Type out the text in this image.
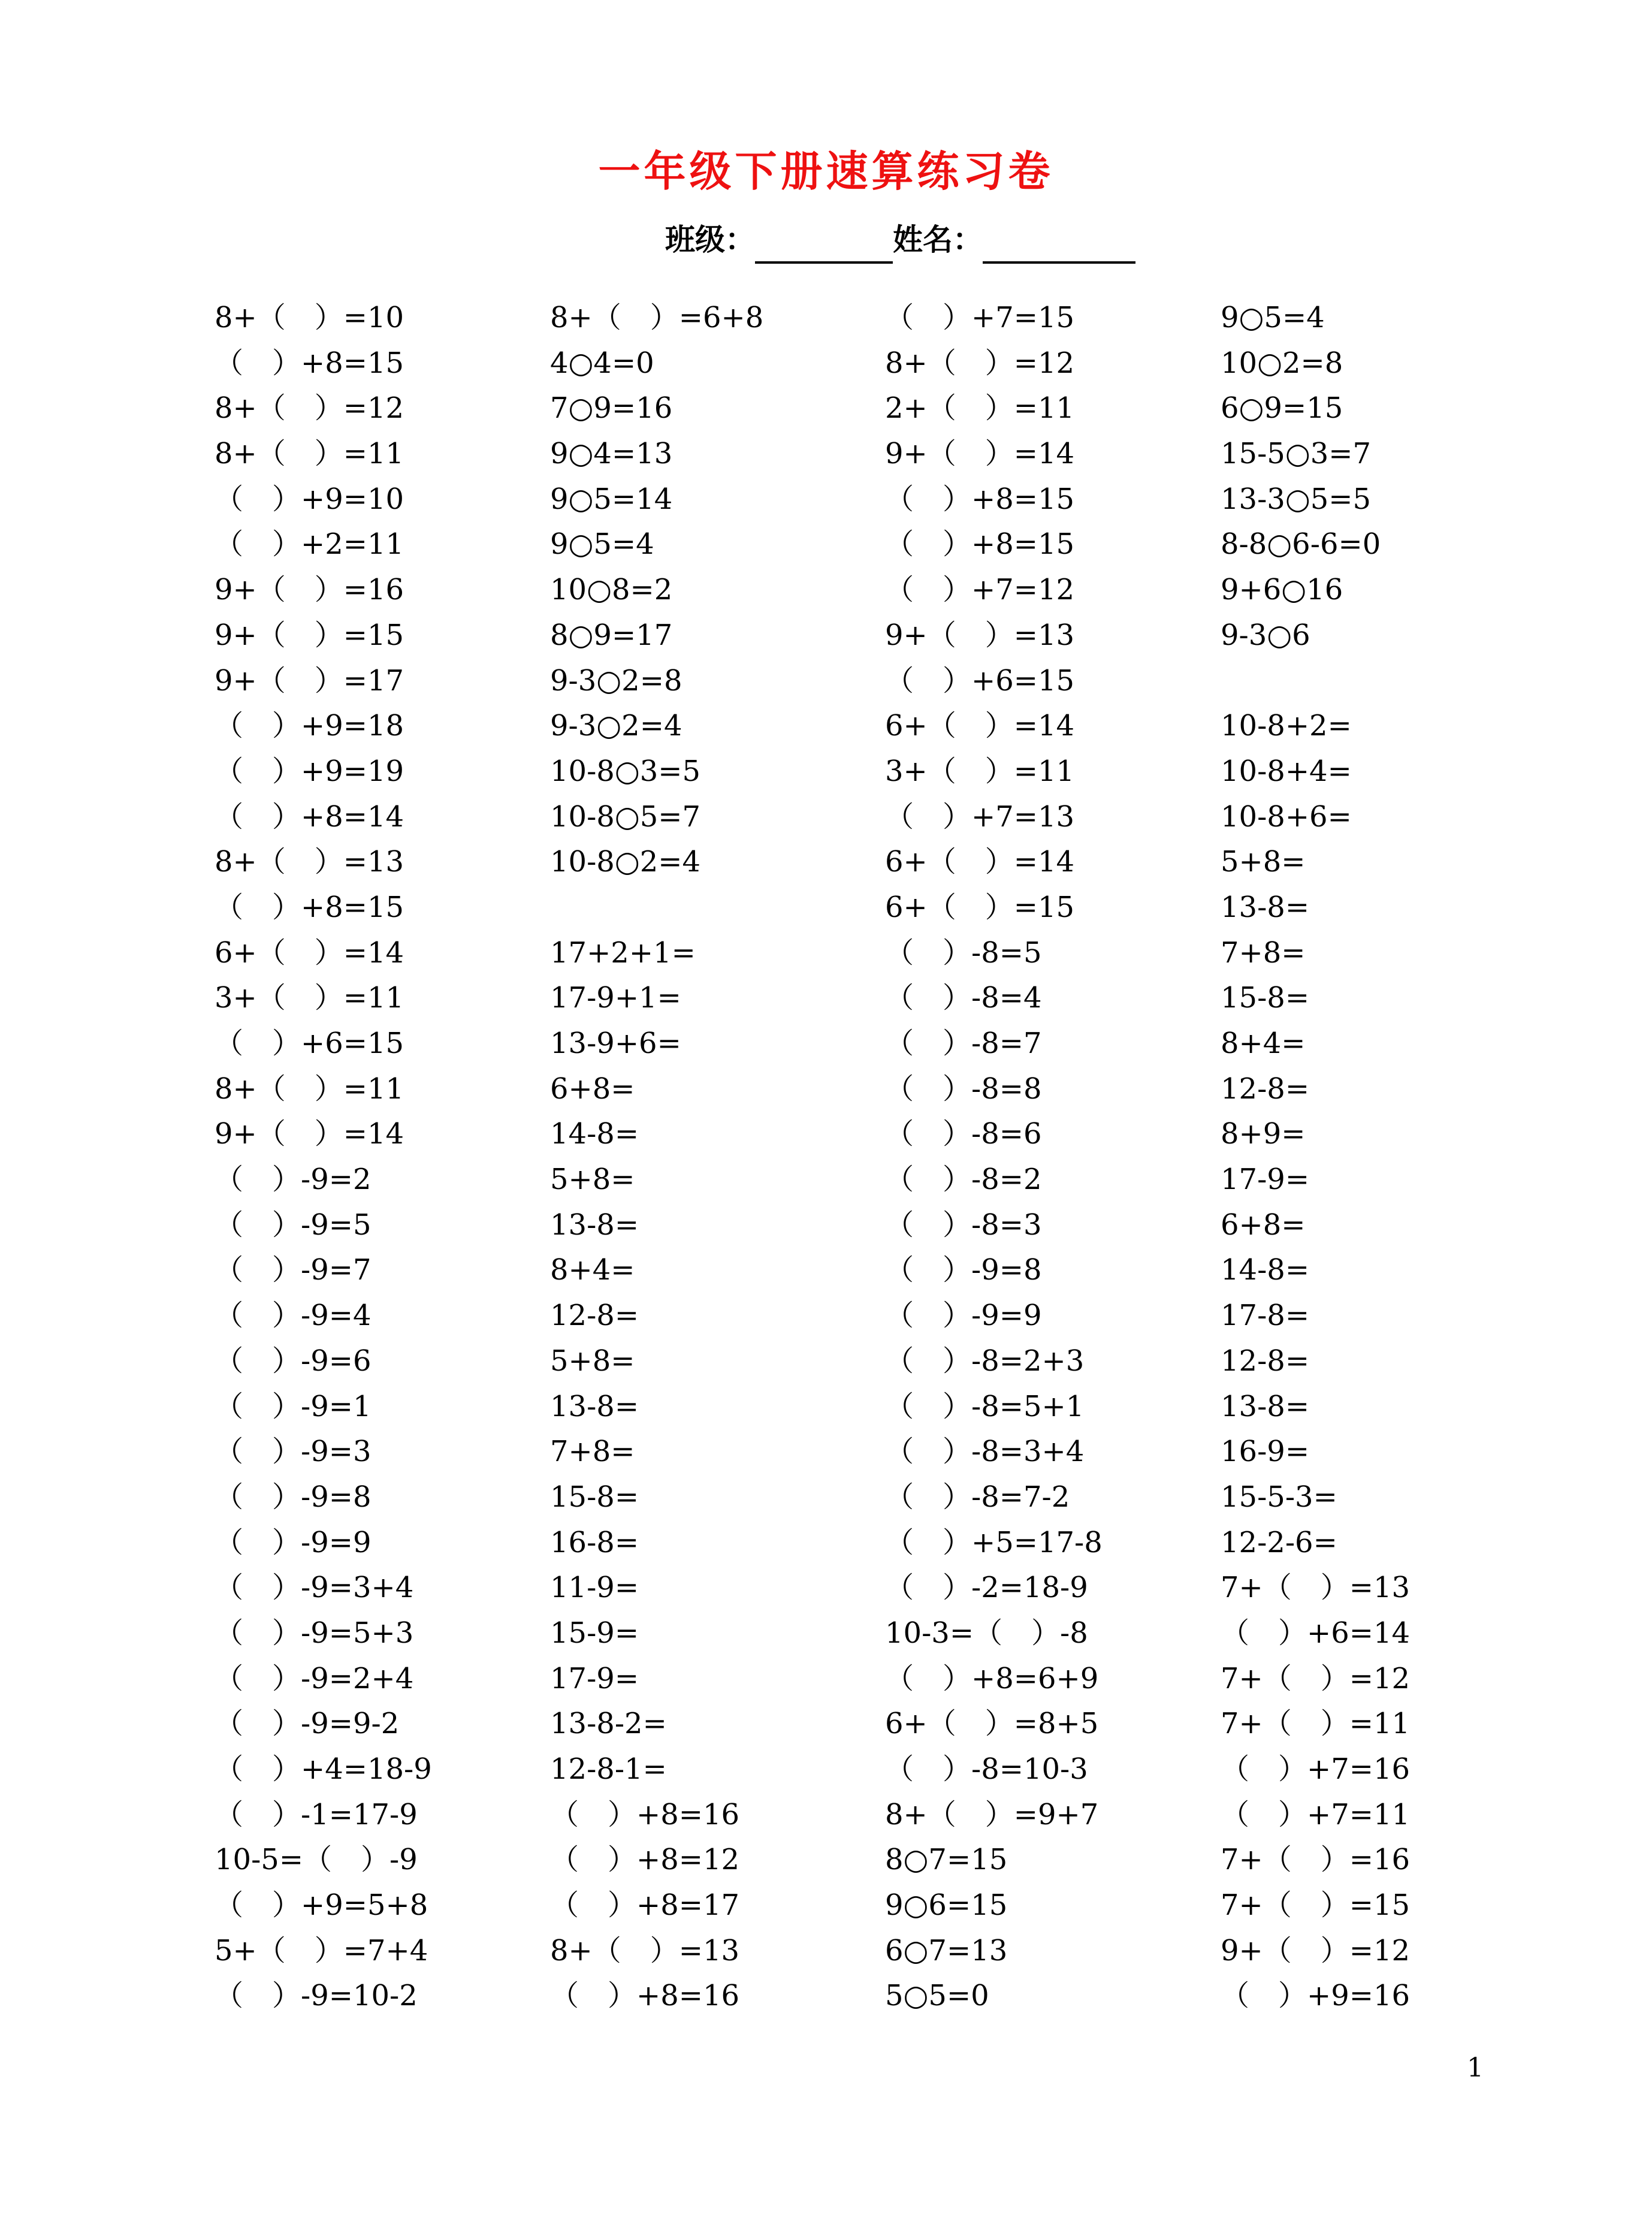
一年级下册速算练习卷
班级：	姓名：
8+（　）=10
（　）+8=15
8+（　）=12
8+（　）=11
（　）+9=10
（　）+2=11
9+（　）=16
9+（　）=15
9+（　）=17
（　）+9=18
（　）+9=19
（　）+8=14
8+（　）=13
（　）+8=15
6+（　）=14
3+（　）=11
（　）+6=15
8+（　）=11
9+（　）=14
（　）-9=2
（　）-9=5
（　）-9=7
（　）-9=4
（　）-9=6
（　）-9=1
（　）-9=3
（　）-9=8
（　）-9=9
（　）-9=3+4
（　）-9=5+3
（　）-9=2+4
（　）-9=9-2
（　）+4=18-9
（　）-1=17-9
10-5=（　）-9
（　）+9=5+8
5+（　）=7+4
（　）-9=10-2
8+（　）=6+8
4○4=0
7○9=16
9○4=13
9○5=14
9○5=4
10○8=2
8○9=17
9-3○2=8
9-3○2=4
10-8○3=5
10-8○5=7
10-8○2=4
17+2+1=
17-9+1=
13-9+6=
6+8=
14-8=
5+8=
13-8=
8+4=
12-8=
5+8=
13-8=
7+8=
15-8=
16-8=
11-9=
15-9=
17-9=
13-8-2=
12-8-1=
（　）+8=16
（　）+8=12
（　）+8=17
8+（　）=13
（　）+8=16
（　）+7=15
8+（　）=12
2+（　）=11
9+（　）=14
（　）+8=15
（　）+8=15
（　）+7=12
9+（　）=13
（　）+6=15
6+（　）=14
3+（　）=11
（　）+7=13
6+（　）=14
6+（　）=15
（　）-8=5
（　）-8=4
（　）-8=7
（　）-8=8
（　）-8=6
（　）-8=2
（　）-8=3
（　）-9=8
（　）-9=9
（　）-8=2+3
（　）-8=5+1
（　）-8=3+4
（　）-8=7-2
（　）+5=17-8
（　）-2=18-9
10-3=（　）-8
（　）+8=6+9
6+（　）=8+5
（　）-8=10-3
8+（　）=9+7
8○7=15
9○6=15
6○7=13
5○5=0
9○5=4
10○2=8
6○9=15
15-5○3=7
13-3○5=5
8-8○6-6=0
9+6○16
9-3○6
10-8+2=
10-8+4=
10-8+6=
5+8=
13-8=
7+8=
15-8=
8+4=
12-8=
8+9=
17-9=
6+8=
14-8=
17-8=
12-8=
13-8=
16-9=
15-5-3=
12-2-6=
7+（　）=13
（　）+6=14
7+（　）=12
7+（　）=11
（　）+7=16
（　）+7=11
7+（　）=16
7+（　）=15
9+（　）=12
（　）+9=16
1
